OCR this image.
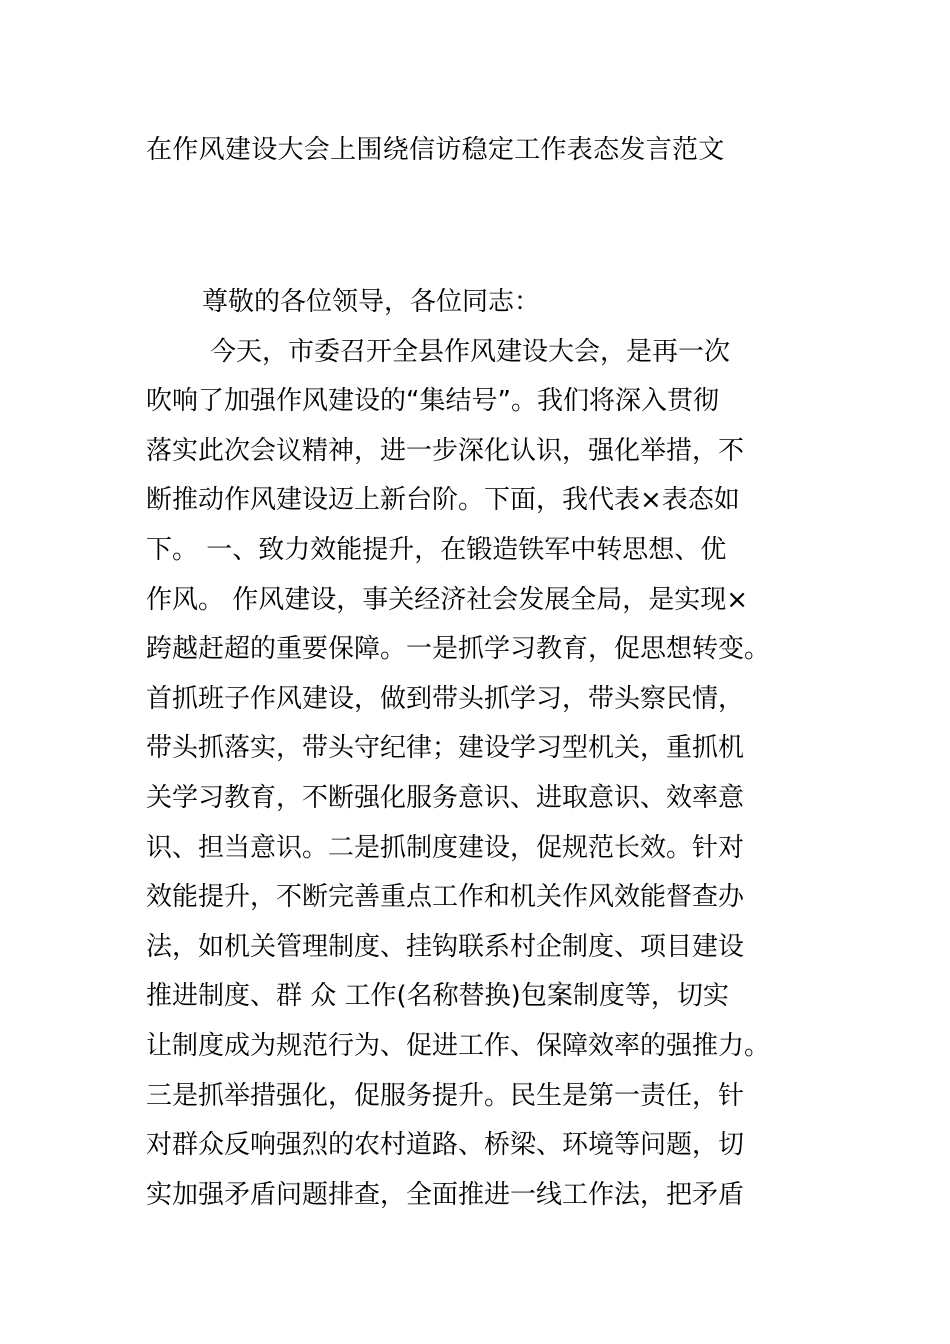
在作风建设大会上围绕信访稳定工作表态发言范文
尊敬的各位领导，各位同志：
今天，市委召开全县作风建设大会，是再一次
吹响了加强作风建设的“集结号”。我们将深入贯彻
落实此次会议精神，进一步深化认识，强化举措，不
断推动作风建设迈上新台阶。下面，我代表×表态如
下。 一、致力效能提升，在锻造铁军中转思想、优
作风。 作风建设，事关经济社会发展全局，是实现×
跨越赶超的重要保障。一是抓学习教育，促思想转变。
首抓班子作风建设，做到带头抓学习，带头察民情，
带头抓落实，带头守纪律；建设学习型机关，重抓机
关学习教育，不断强化服务意识、进取意识、效率意
识、担当意识。二是抓制度建设，促规范长效。针对
效能提升，不断完善重点工作和机关作风效能督查办
法，如机关管理制度、挂钩联系村企制度、项目建设
推进制度、群 众 工作(名称替换)包案制度等，切实
让制度成为规范行为、促进工作、保障效率的强推力。
三是抓举措强化，促服务提升。民生是第一责任，针
对群众反响强烈的农村道路、桥梁、环境等问题，切
实加强矛盾问题排查，全面推进一线工作法，把矛盾
